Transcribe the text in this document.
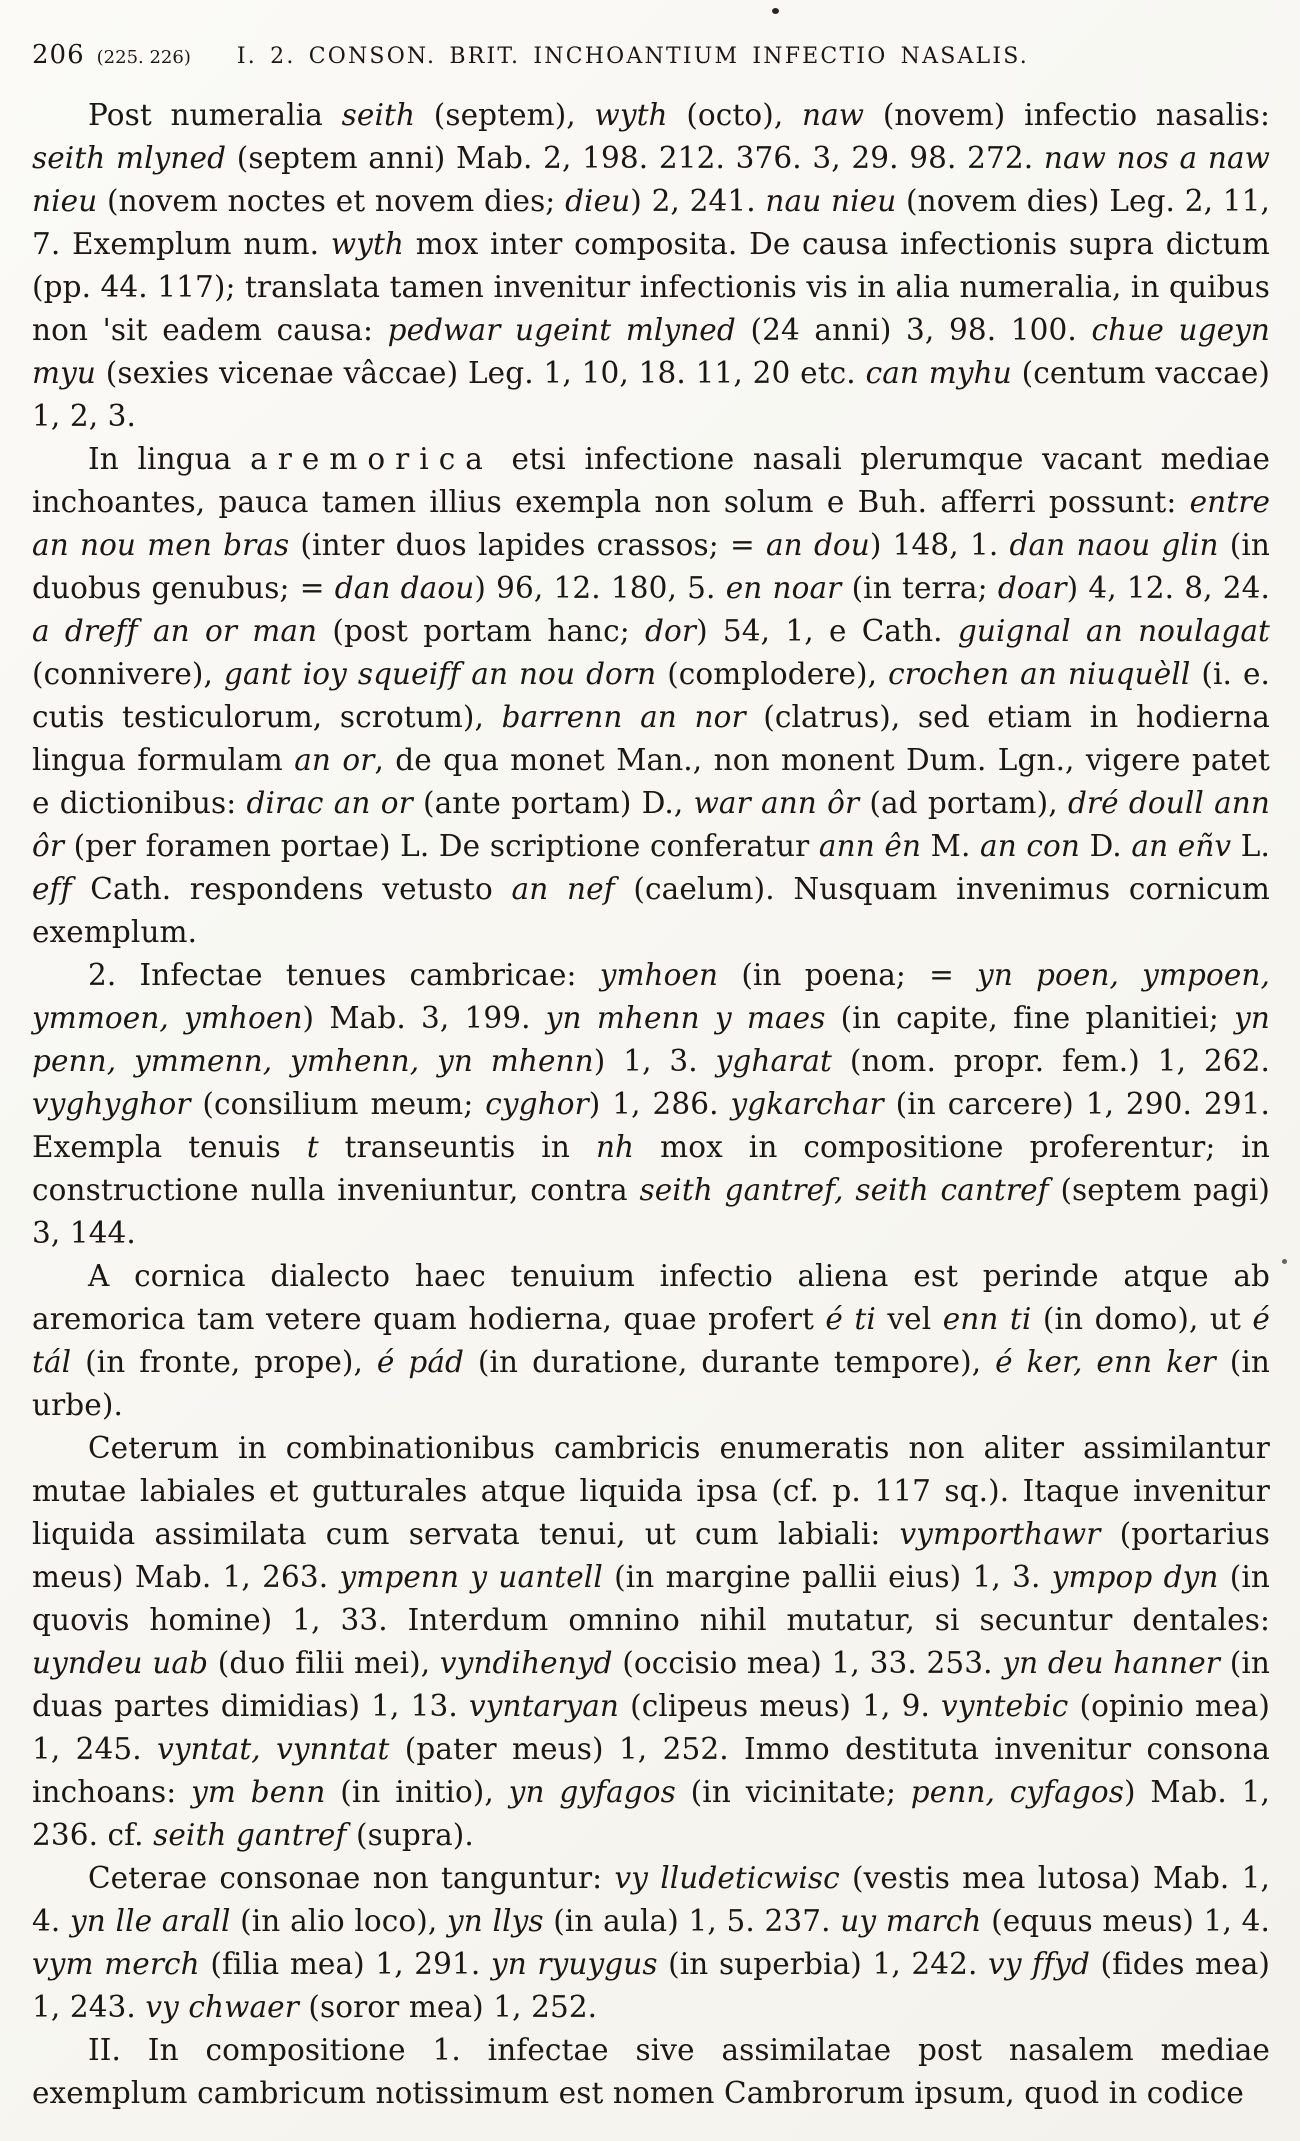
206 (225. 226) I. 2. CONSON. BRIT. INCHOANTIUM INFECTIO NASALIS.

Post numeralia seith (septem), wyth (octo), naw (novem) infectio nasalis: seith mlyned (septem anni) Mab. 2, 198. 212. 376. 3, 29. 98. 272. naw nos a naw nieu (novem noctes et novem dies; dieu) 2, 241. nau nieu (novem dies) Leg. 2, 11, 7. Exemplum num. wyth mox inter composita. De causa infectionis supra dictum (pp. 44. 117); translata tamen invenitur infectionis vis in alia numeralia, in quibus non 'sit eadem causa: pedwar ugeint mlyned (24 anni) 3, 98. 100. chue ugeyn myu (sexies vicenae vâccae) Leg. 1, 10, 18. 11, 20 etc. can myhu (centum vaccae) 1, 2, 3.

In lingua aremorica etsi infectione nasali plerumque vacant mediae inchoantes, pauca tamen illius exempla non solum e Buh. afferri possunt: entre an nou men bras (inter duos lapides crassos; = an dou) 148, 1. dan naou glin (in duobus genubus; = dan daou) 96, 12. 180, 5. en noar (in terra; doar) 4, 12. 8, 24. a dreff an or man (post portam hanc; dor) 54, 1, e Cath. guignal an noulagat (connivere), gant ioy squeiff an nou dorn (complodere), crochen an niuquèll (i. e. cutis testiculorum, scrotum), barrenn an nor (clatrus), sed etiam in hodierna lingua formulam an or, de qua monet Man., non monent Dum. Lgn., vigere patet e dictionibus: dirac an or (ante portam) D., war ann ôr (ad portam), dré doull ann ôr (per foramen portae) L. De scriptione conferatur ann ên M. an con D. an eñv L. eff Cath. respondens vetusto an nef (caelum). Nusquam invenimus cornicum exemplum.

2. Infectae tenues cambricae: ymhoen (in poena; = yn poen, ympoen, ymmoen, ymhoen) Mab. 3, 199. yn mhenn y maes (in capite, fine planitiei; yn penn, ymmenn, ymhenn, yn mhenn) 1, 3. ygharat (nom. propr. fem.) 1, 262. vyghyghor (consilium meum; cyghor) 1, 286. ygkarchar (in carcere) 1, 290. 291. Exempla tenuis t transeuntis in nh mox in compositione proferentur; in constructione nulla inveniuntur, contra seith gantref, seith cantref (septem pagi) 3, 144.

A cornica dialecto haec tenuium infectio aliena est perinde atque ab aremorica tam vetere quam hodierna, quae profert é ti vel enn ti (in domo), ut é tál (in fronte, prope), é pád (in duratione, durante tempore), é ker, enn ker (in urbe).

Ceterum in combinationibus cambricis enumeratis non aliter assimilantur mutae labiales et gutturales atque liquida ipsa (cf. p. 117 sq.). Itaque invenitur liquida assimilata cum servata tenui, ut cum labiali: vymporthawr (portarius meus) Mab. 1, 263. ympenn y uantell (in margine pallii eius) 1, 3. ympop dyn (in quovis homine) 1, 33. Interdum omnino nihil mutatur, si secuntur dentales: uyndeu uab (duo filii mei), vyndihenyd (occisio mea) 1, 33. 253. yn deu hanner (in duas partes dimidias) 1, 13. vyntaryan (clipeus meus) 1, 9. vyntebic (opinio mea) 1, 245. vyntat, vynntat (pater meus) 1, 252. Immo destituta invenitur consona inchoans: ym benn (in initio), yn gyfagos (in vicinitate; penn, cyfagos) Mab. 1, 236. cf. seith gantref (supra).

Ceterae consonae non tanguntur: vy lludeticwisc (vestis mea lutosa) Mab. 1, 4. yn lle arall (in alio loco), yn llys (in aula) 1, 5. 237. uy march (equus meus) 1, 4. vym merch (filia mea) 1, 291. yn ryuygus (in superbia) 1, 242. vy ffyd (fides mea) 1, 243. vy chwaer (soror mea) 1, 252.

II. In compositione 1. infectae sive assimilatae post nasalem mediae exemplum cambricum notissimum est nomen Cambrorum ipsum, quod in codice
